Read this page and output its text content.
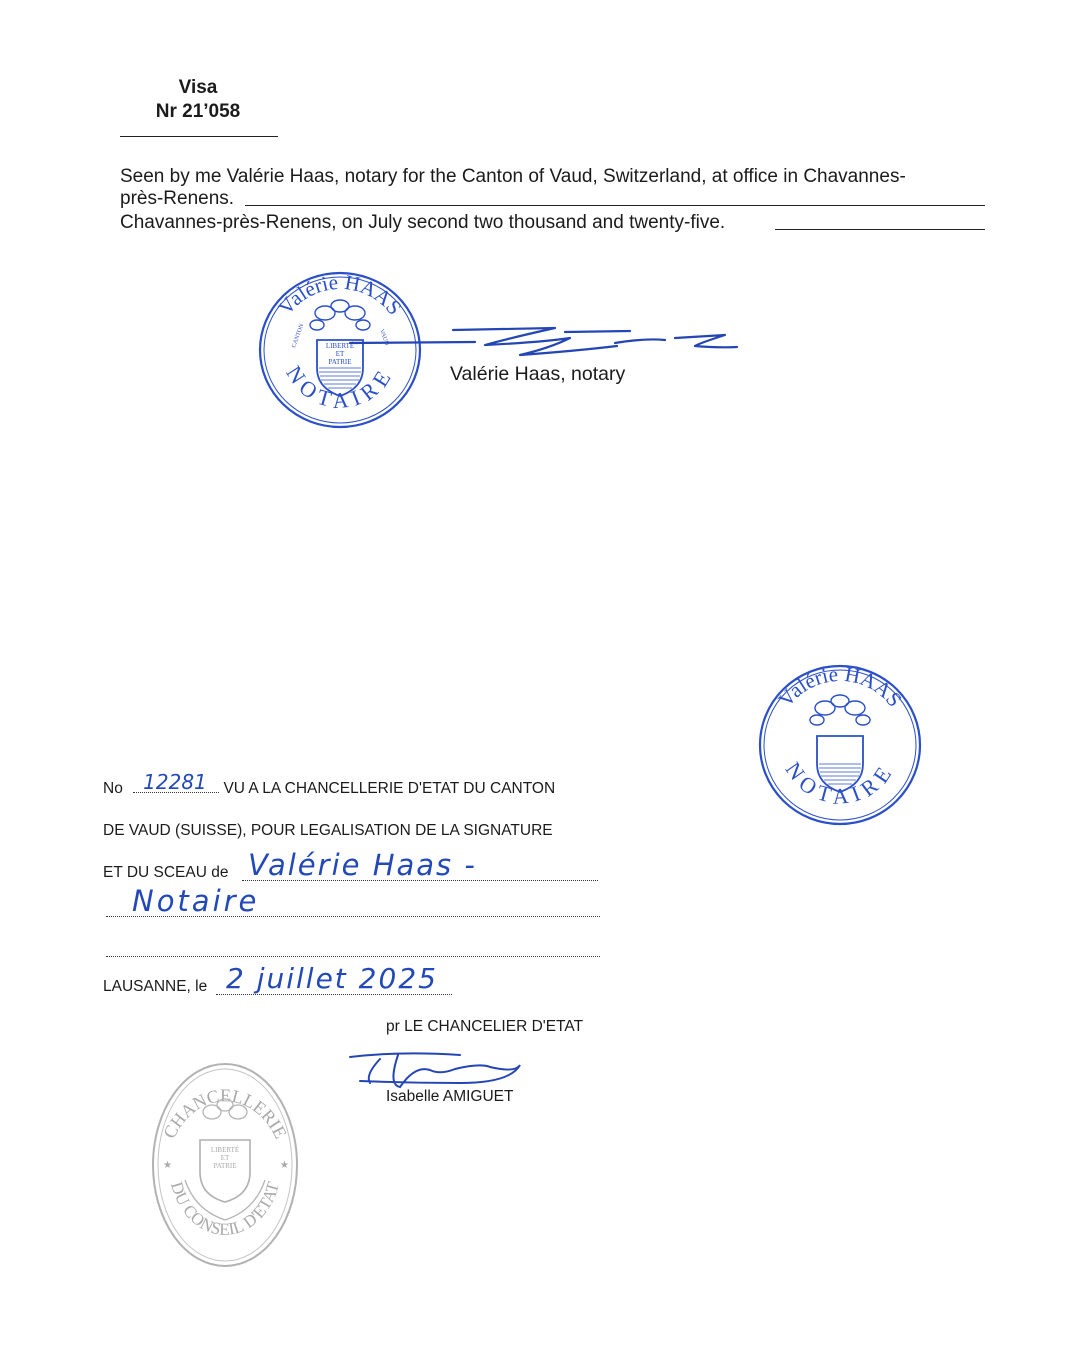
Visa
Nr 21’058
Seen by me Valérie Haas, notary for the Canton of Vaud, Switzerland, at office in Chavannes-
près-Renens.
Chavannes-près-Renens, on July second two thousand and twenty-five.
Valérie HAAS
NOTAIRE
LIBERTÉ
ET
PATRIE
CANTON	VAUD
Valérie Haas, notary
Valérie HAAS
NOTAIRE
No 12281 VU A LA CHANCELLERIE D'ETAT DU CANTON
DE VAUD (SUISSE), POUR LEGALISATION DE LA SIGNATURE
ET DU SCEAU de Valérie Haas -
Notaire
LAUSANNE, le 2 juillet 2025
pr LE CHANCELIER D'ETAT
Isabelle AMIGUET
CHANCELLERIE
DU CONSEIL D'ETAT
LIBERTÉ
ET
PATRIE
★	★
